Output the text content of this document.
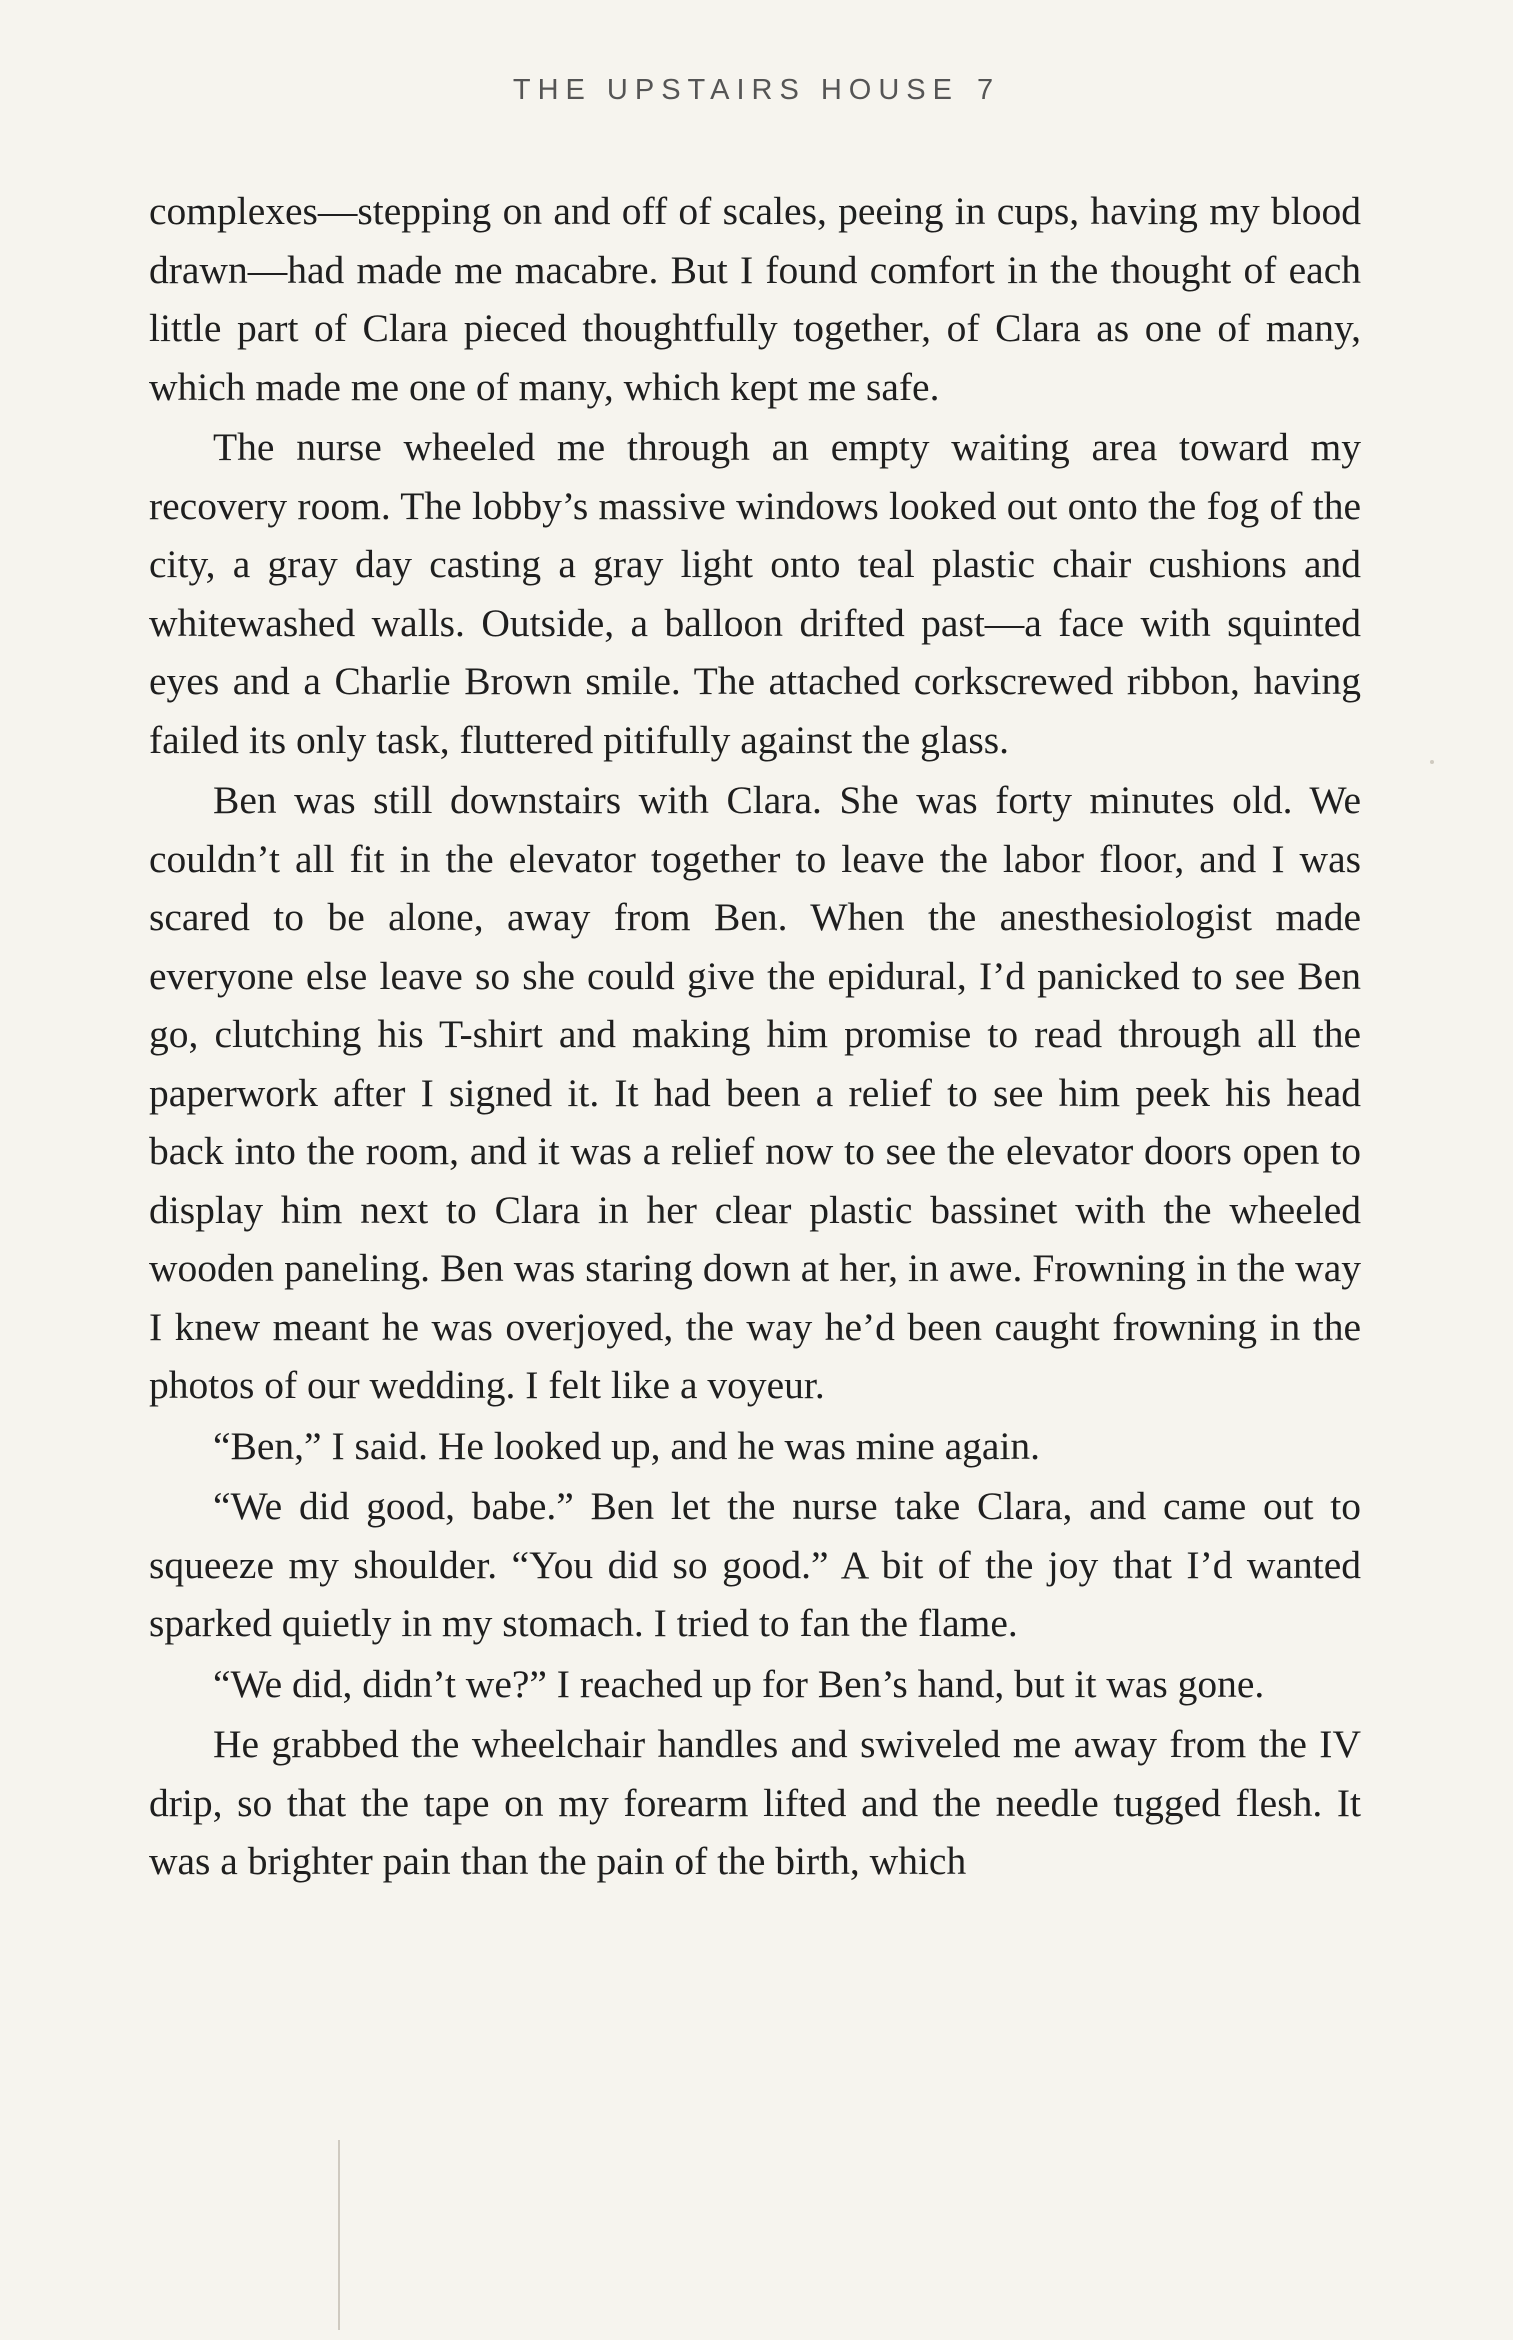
THE UPSTAIRS HOUSE 7

complexes—stepping on and off of scales, peeing in cups, having my blood drawn—had made me macabre. But I found comfort in the thought of each little part of Clara pieced thoughtfully together, of Clara as one of many, which made me one of many, which kept me safe.

The nurse wheeled me through an empty waiting area toward my recovery room. The lobby’s massive windows looked out onto the fog of the city, a gray day casting a gray light onto teal plastic chair cushions and whitewashed walls. Outside, a balloon drifted past—a face with squinted eyes and a Charlie Brown smile. The attached corkscrewed ribbon, having failed its only task, fluttered pitifully against the glass.

Ben was still downstairs with Clara. She was forty minutes old. We couldn’t all fit in the elevator together to leave the labor floor, and I was scared to be alone, away from Ben. When the anesthesiologist made everyone else leave so she could give the epidural, I’d panicked to see Ben go, clutching his T-shirt and making him promise to read through all the paperwork after I signed it. It had been a relief to see him peek his head back into the room, and it was a relief now to see the elevator doors open to display him next to Clara in her clear plastic bassinet with the wheeled wooden paneling. Ben was staring down at her, in awe. Frowning in the way I knew meant he was overjoyed, the way he’d been caught frowning in the photos of our wedding. I felt like a voyeur.

“Ben,” I said. He looked up, and he was mine again.

“We did good, babe.” Ben let the nurse take Clara, and came out to squeeze my shoulder. “You did so good.” A bit of the joy that I’d wanted sparked quietly in my stomach. I tried to fan the flame.

“We did, didn’t we?” I reached up for Ben’s hand, but it was gone.

He grabbed the wheelchair handles and swiveled me away from the IV drip, so that the tape on my forearm lifted and the needle tugged flesh. It was a brighter pain than the pain of the birth, which
